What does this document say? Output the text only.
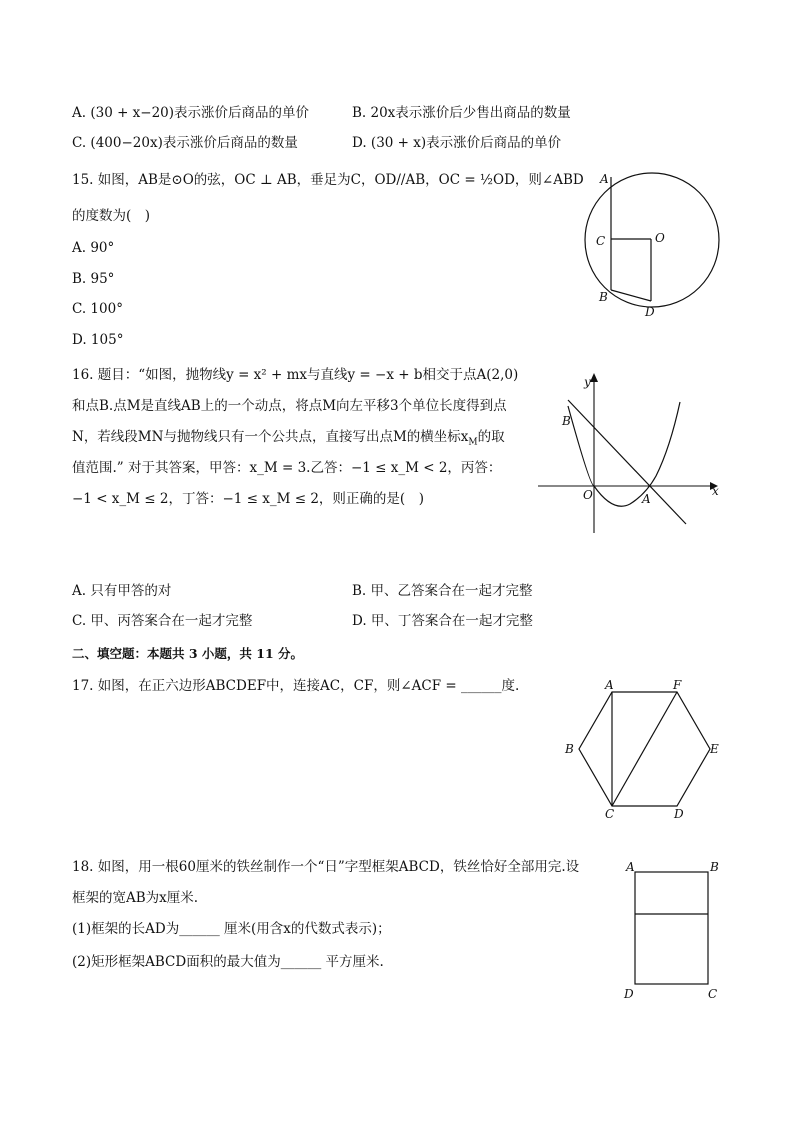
A. (30 + x−20)表示涨价后商品的单价	B. 20x表示涨价后少售出商品的数量
C. (400−20x)表示涨价后商品的数量	D. (30 + x)表示涨价后商品的单价
15. 如图，AB是⊙O的弦，OC ⊥ AB，垂足为C，OD//AB，OC = ½OD，则∠ABD
的度数为(　)
A. 90°
B. 95°
C. 100°
D. 105°
A
C	O
B
D
16. 题目：“如图，抛物线y = x² + mx与直线y = −x + b相交于点A(2,0)
和点B.点M是直线AB上的一个动点，将点M向左平移3个单位长度得到点
N，若线段MN与抛物线只有一个公共点，直接写出点M的横坐标$x_M$的取
值范围.” 对于其答案，甲答：x_M = 3.乙答：−1 ≤ x_M < 2，丙答：
−1 < x_M ≤ 2，丁答：−1 ≤ x_M ≤ 2，则正确的是(　)
y
x
B
O	A
A. 只有甲答的对	B. 甲、乙答案合在一起才完整
C. 甲、丙答案合在一起才完整	D. 甲、丁答案合在一起才完整
二、填空题：本题共 3 小题，共 11 分。
17. 如图，在正六边形ABCDEF中，连接AC，CF，则∠ACF = ______度.	A	F
B	E
C	D
18. 如图，用一根60厘米的铁丝制作一个“日”字型框架ABCD，铁丝恰好全部用完.设
框架的宽AB为x厘米.
(1)框架的长AD为______ 厘米(用含x的代数式表示)；
(2)矩形框架ABCD面积的最大值为______ 平方厘米.
A	B
D	C
